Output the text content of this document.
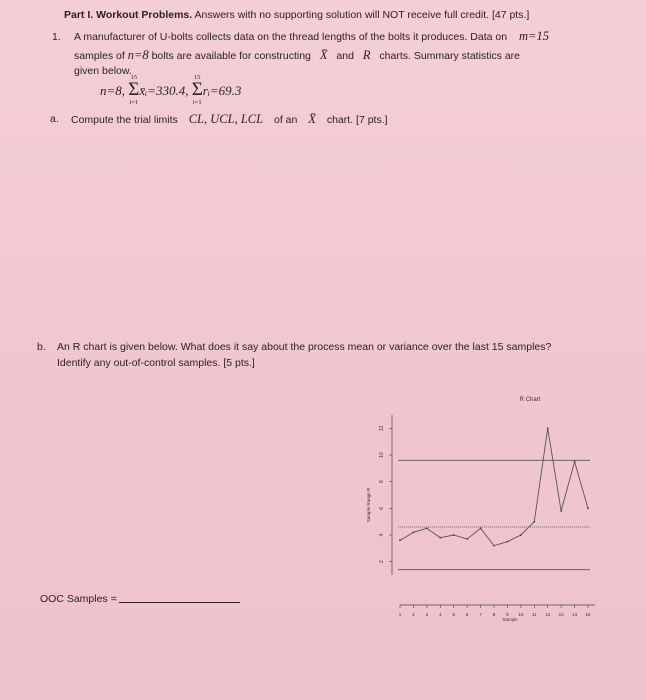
Part I. Workout Problems. Answers with no supporting solution will NOT receive full credit. [47 pts.]
1. A manufacturer of U-bolts collects data on the thread lengths of the bolts it produces. Data on m=15
samples of n=8 bolts are available for constructing X̄ and R charts. Summary statistics are
given below.
n=8,
15
Σ
i=1
x̄ᵢ=330.4,
15
Σ
i=1
rᵢ=69.3
a. Compute the trial limits CL, UCL, LCL of an X̄ chart. [7 pts.]
b. An R chart is given below. What does it say about the process mean or variance over the last 15 samples?
Identify any out-of-control samples. [5 pts.]
OOC Samples =
R Chart
Sample Range R
Sample
2
4
6
8
10
12
1 2 3 4 5 6 7 8 9 10 11 12 13 14 15
